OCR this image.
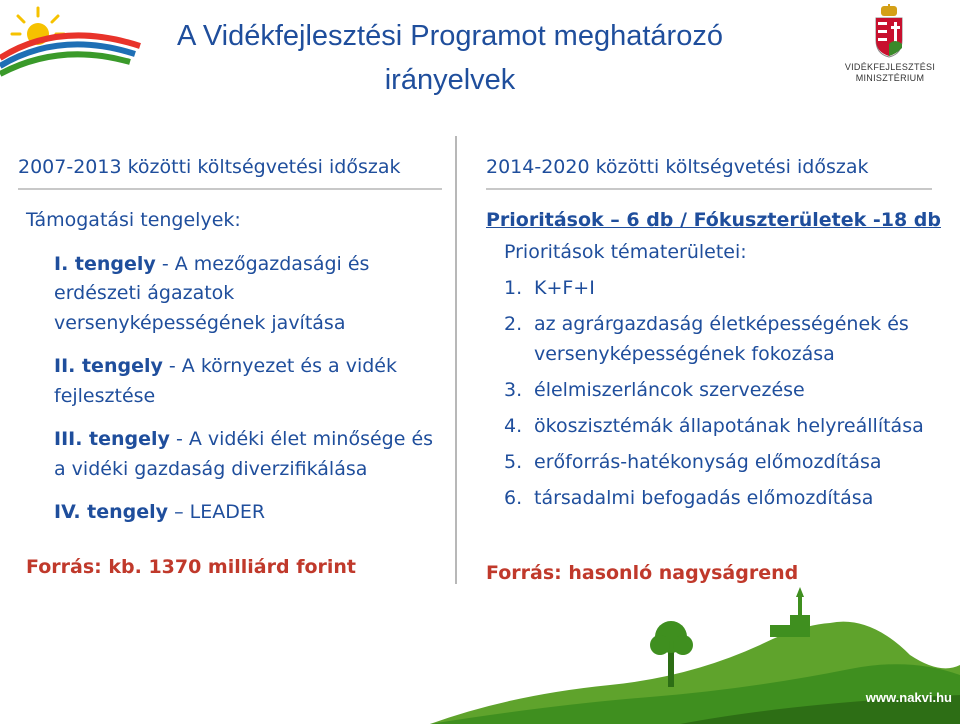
A Vidékfejlesztési Programot meghatározó irányelvek	VIDÉKFEJLESZTÉSI
MINISZTÉRIUM
2007-2013 közötti költségvetési időszak	2014-2020 közötti költségvetési időszak
Támogatási tengelyek:
I. tengely - A mezőgazdasági és erdészeti ágazatok versenyképességének javítása
II. tengely - A környezet és a vidék fejlesztése
III. tengely - A vidéki élet minősége és a vidéki gazdaság diverzifikálása
IV. tengely – LEADER
Forrás: kb. 1370 milliárd forint
Prioritások – 6 db / Fókuszterületek -18 db
Prioritások tématerületei:
1. K+F+I
2. az agrárgazdaság életképességének és versenyképességének fokozása
3. élelmiszerláncok szervezése
4. ökoszisztémák állapotának helyreállítása
5. erőforrás-hatékonyság előmozdítása
6. társadalmi befogadás előmozdítása
Forrás: hasonló nagyságrend
www.nakvi.hu
